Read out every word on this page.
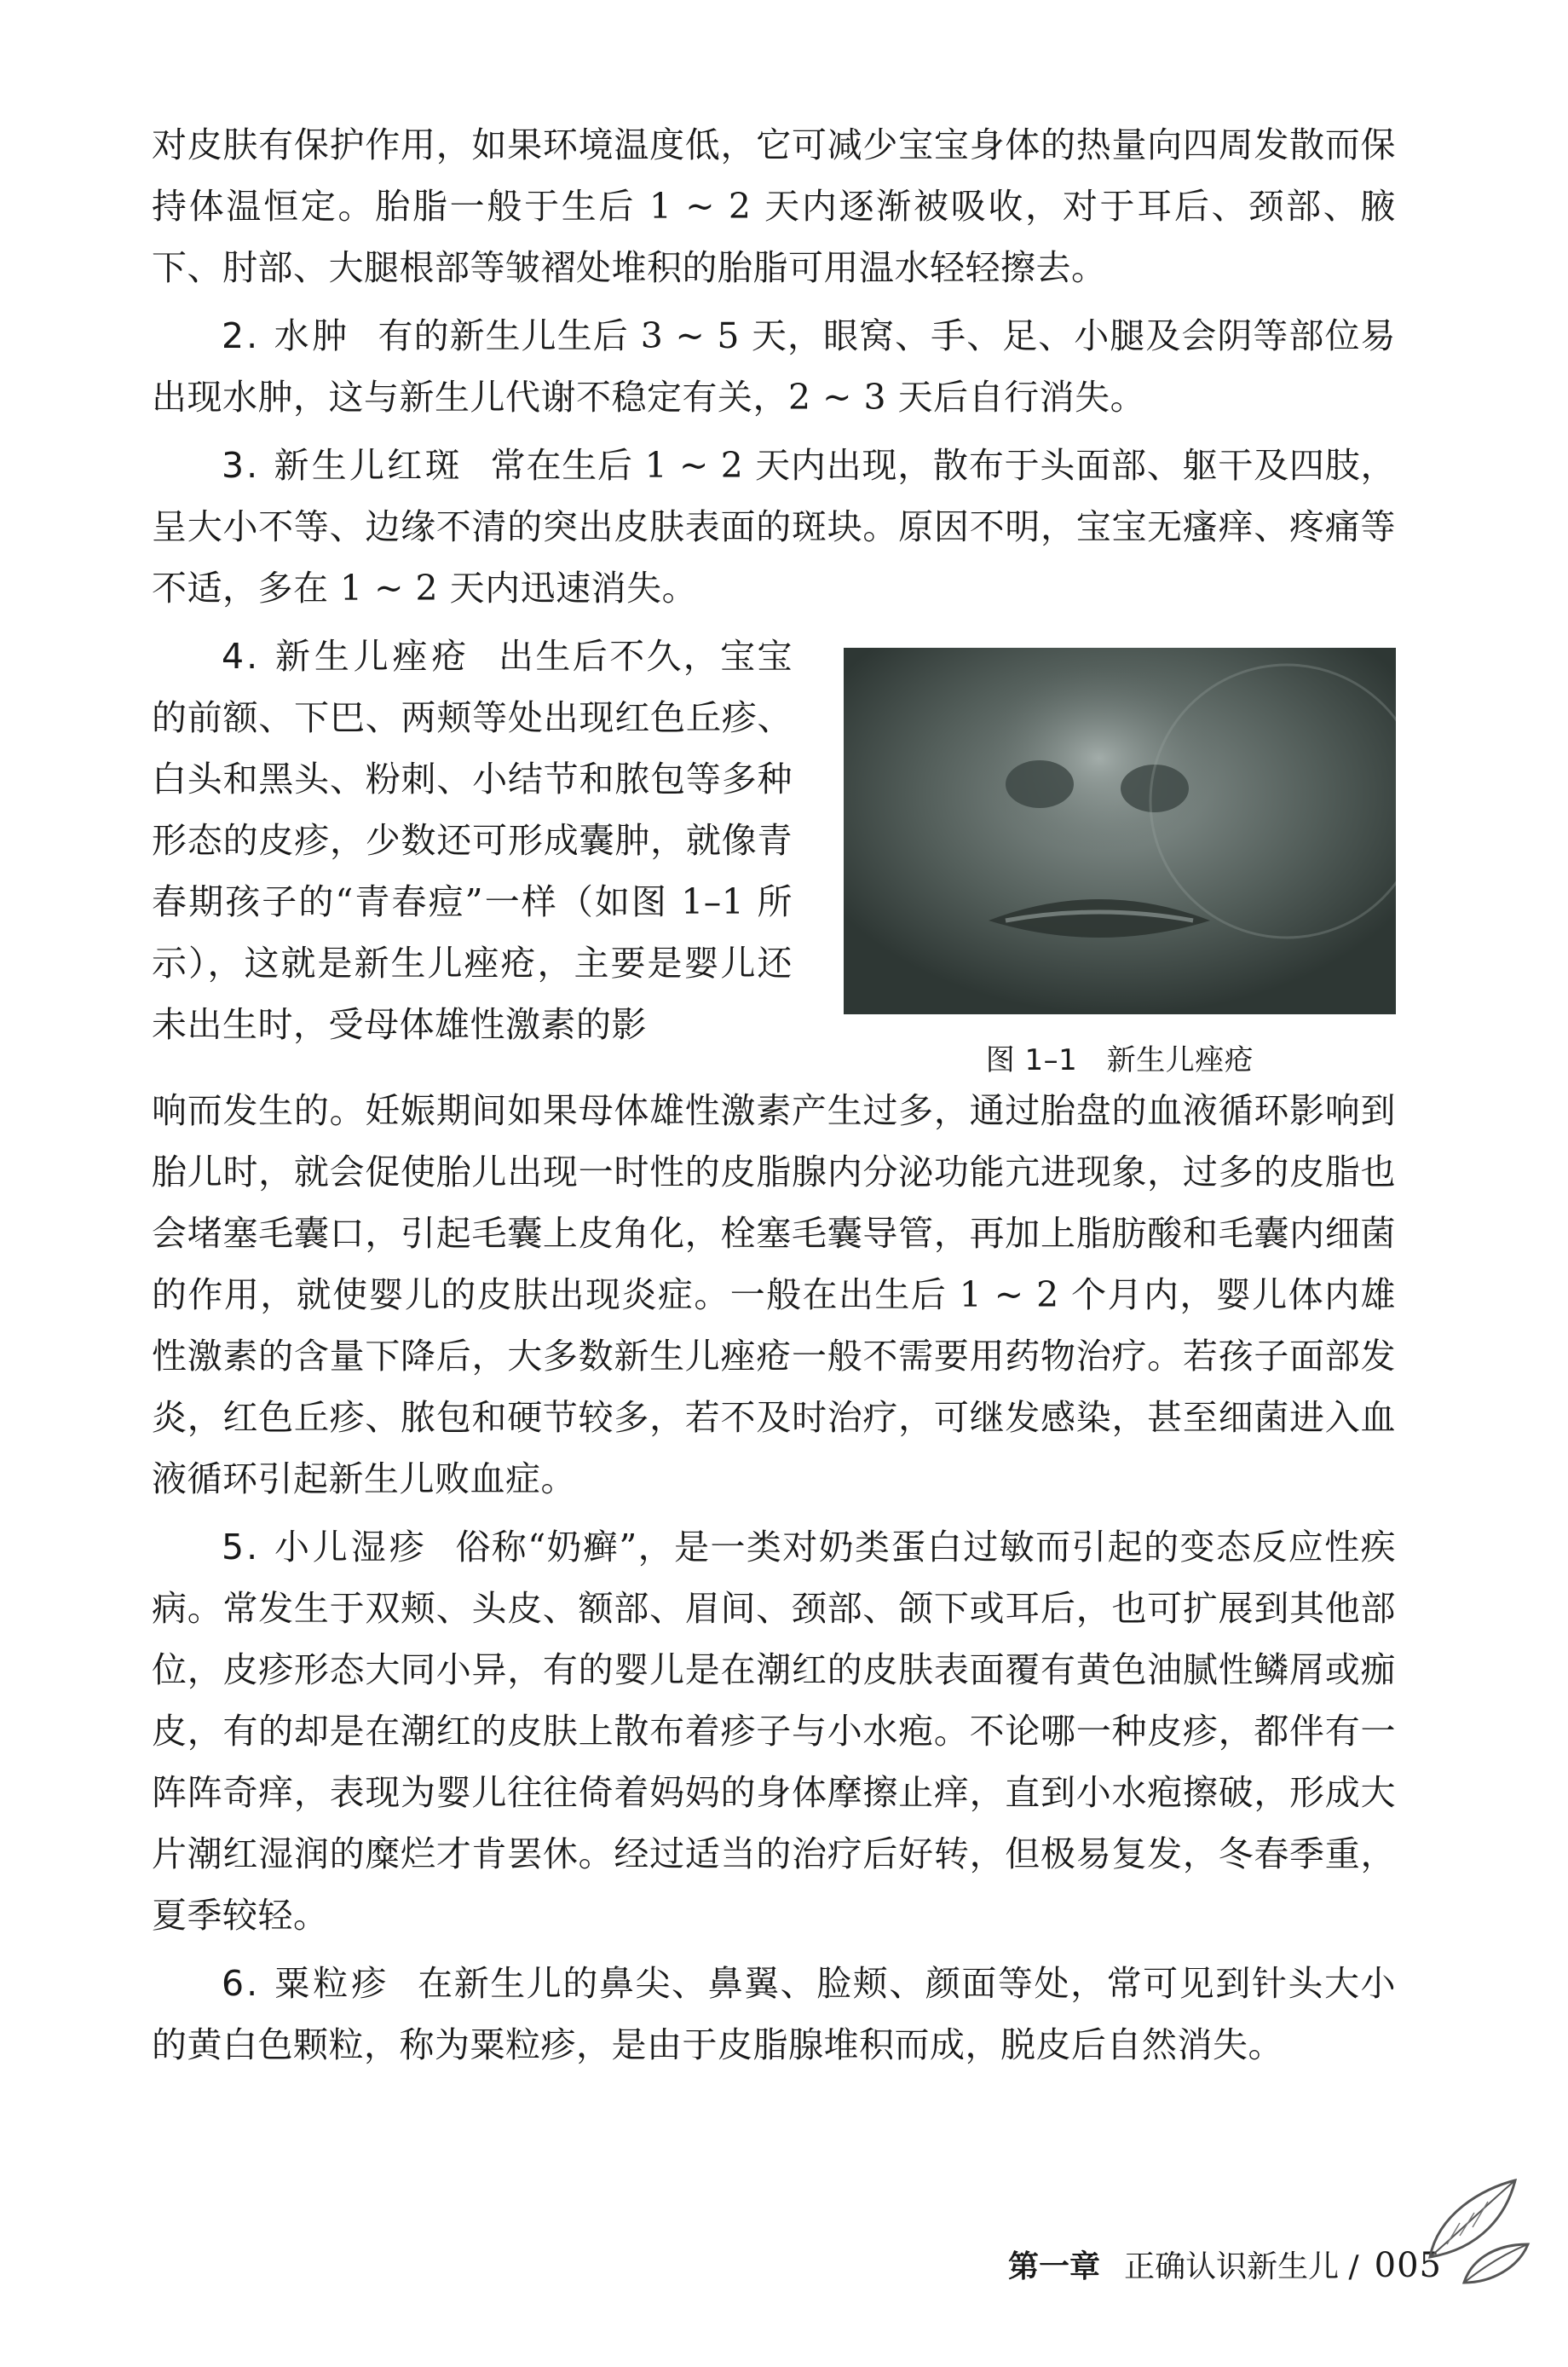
对皮肤有保护作用，如果环境温度低，它可减少宝宝身体的热量向四周发散而保持体温恒定。胎脂一般于生后 1 ~ 2 天内逐渐被吸收，对于耳后、颈部、腋下、肘部、大腿根部等皱褶处堆积的胎脂可用温水轻轻擦去。

2. 水肿 有的新生儿生后 3 ~ 5 天，眼窝、手、足、小腿及会阴等部位易出现水肿，这与新生儿代谢不稳定有关，2 ~ 3 天后自行消失。

3. 新生儿红斑 常在生后 1 ~ 2 天内出现，散布于头面部、躯干及四肢，呈大小不等、边缘不清的突出皮肤表面的斑块。原因不明，宝宝无瘙痒、疼痛等不适，多在 1 ~ 2 天内迅速消失。

4. 新生儿痤疮 出生后不久，宝宝的前额、下巴、两颊等处出现红色丘疹、白头和黑头、粉刺、小结节和脓包等多种形态的皮疹，少数还可形成囊肿，就像青春期孩子的“青春痘”一样（如图 1–1 所示），这就是新生儿痤疮，主要是婴儿还未出生时，受母体雄性激素的影

图 1–1　新生儿痤疮

响而发生的。妊娠期间如果母体雄性激素产生过多，通过胎盘的血液循环影响到胎儿时，就会促使胎儿出现一时性的皮脂腺内分泌功能亢进现象，过多的皮脂也会堵塞毛囊口，引起毛囊上皮角化，栓塞毛囊导管，再加上脂肪酸和毛囊内细菌的作用，就使婴儿的皮肤出现炎症。一般在出生后 1 ~ 2 个月内，婴儿体内雄性激素的含量下降后，大多数新生儿痤疮一般不需要用药物治疗。若孩子面部发炎，红色丘疹、脓包和硬节较多，若不及时治疗，可继发感染，甚至细菌进入血液循环引起新生儿败血症。

5. 小儿湿疹 俗称“奶癣”，是一类对奶类蛋白过敏而引起的变态反应性疾病。常发生于双颊、头皮、额部、眉间、颈部、颌下或耳后，也可扩展到其他部位，皮疹形态大同小异，有的婴儿是在潮红的皮肤表面覆有黄色油腻性鳞屑或痂皮，有的却是在潮红的皮肤上散布着疹子与小水疱。不论哪一种皮疹，都伴有一阵阵奇痒，表现为婴儿往往倚着妈妈的身体摩擦止痒，直到小水疱擦破，形成大片潮红湿润的糜烂才肯罢休。经过适当的治疗后好转，但极易复发，冬春季重，夏季较轻。

6. 粟粒疹 在新生儿的鼻尖、鼻翼、脸颊、颜面等处，常可见到针头大小的黄白色颗粒，称为粟粒疹，是由于皮脂腺堆积而成，脱皮后自然消失。

第一章 正确认识新生儿 / 005
